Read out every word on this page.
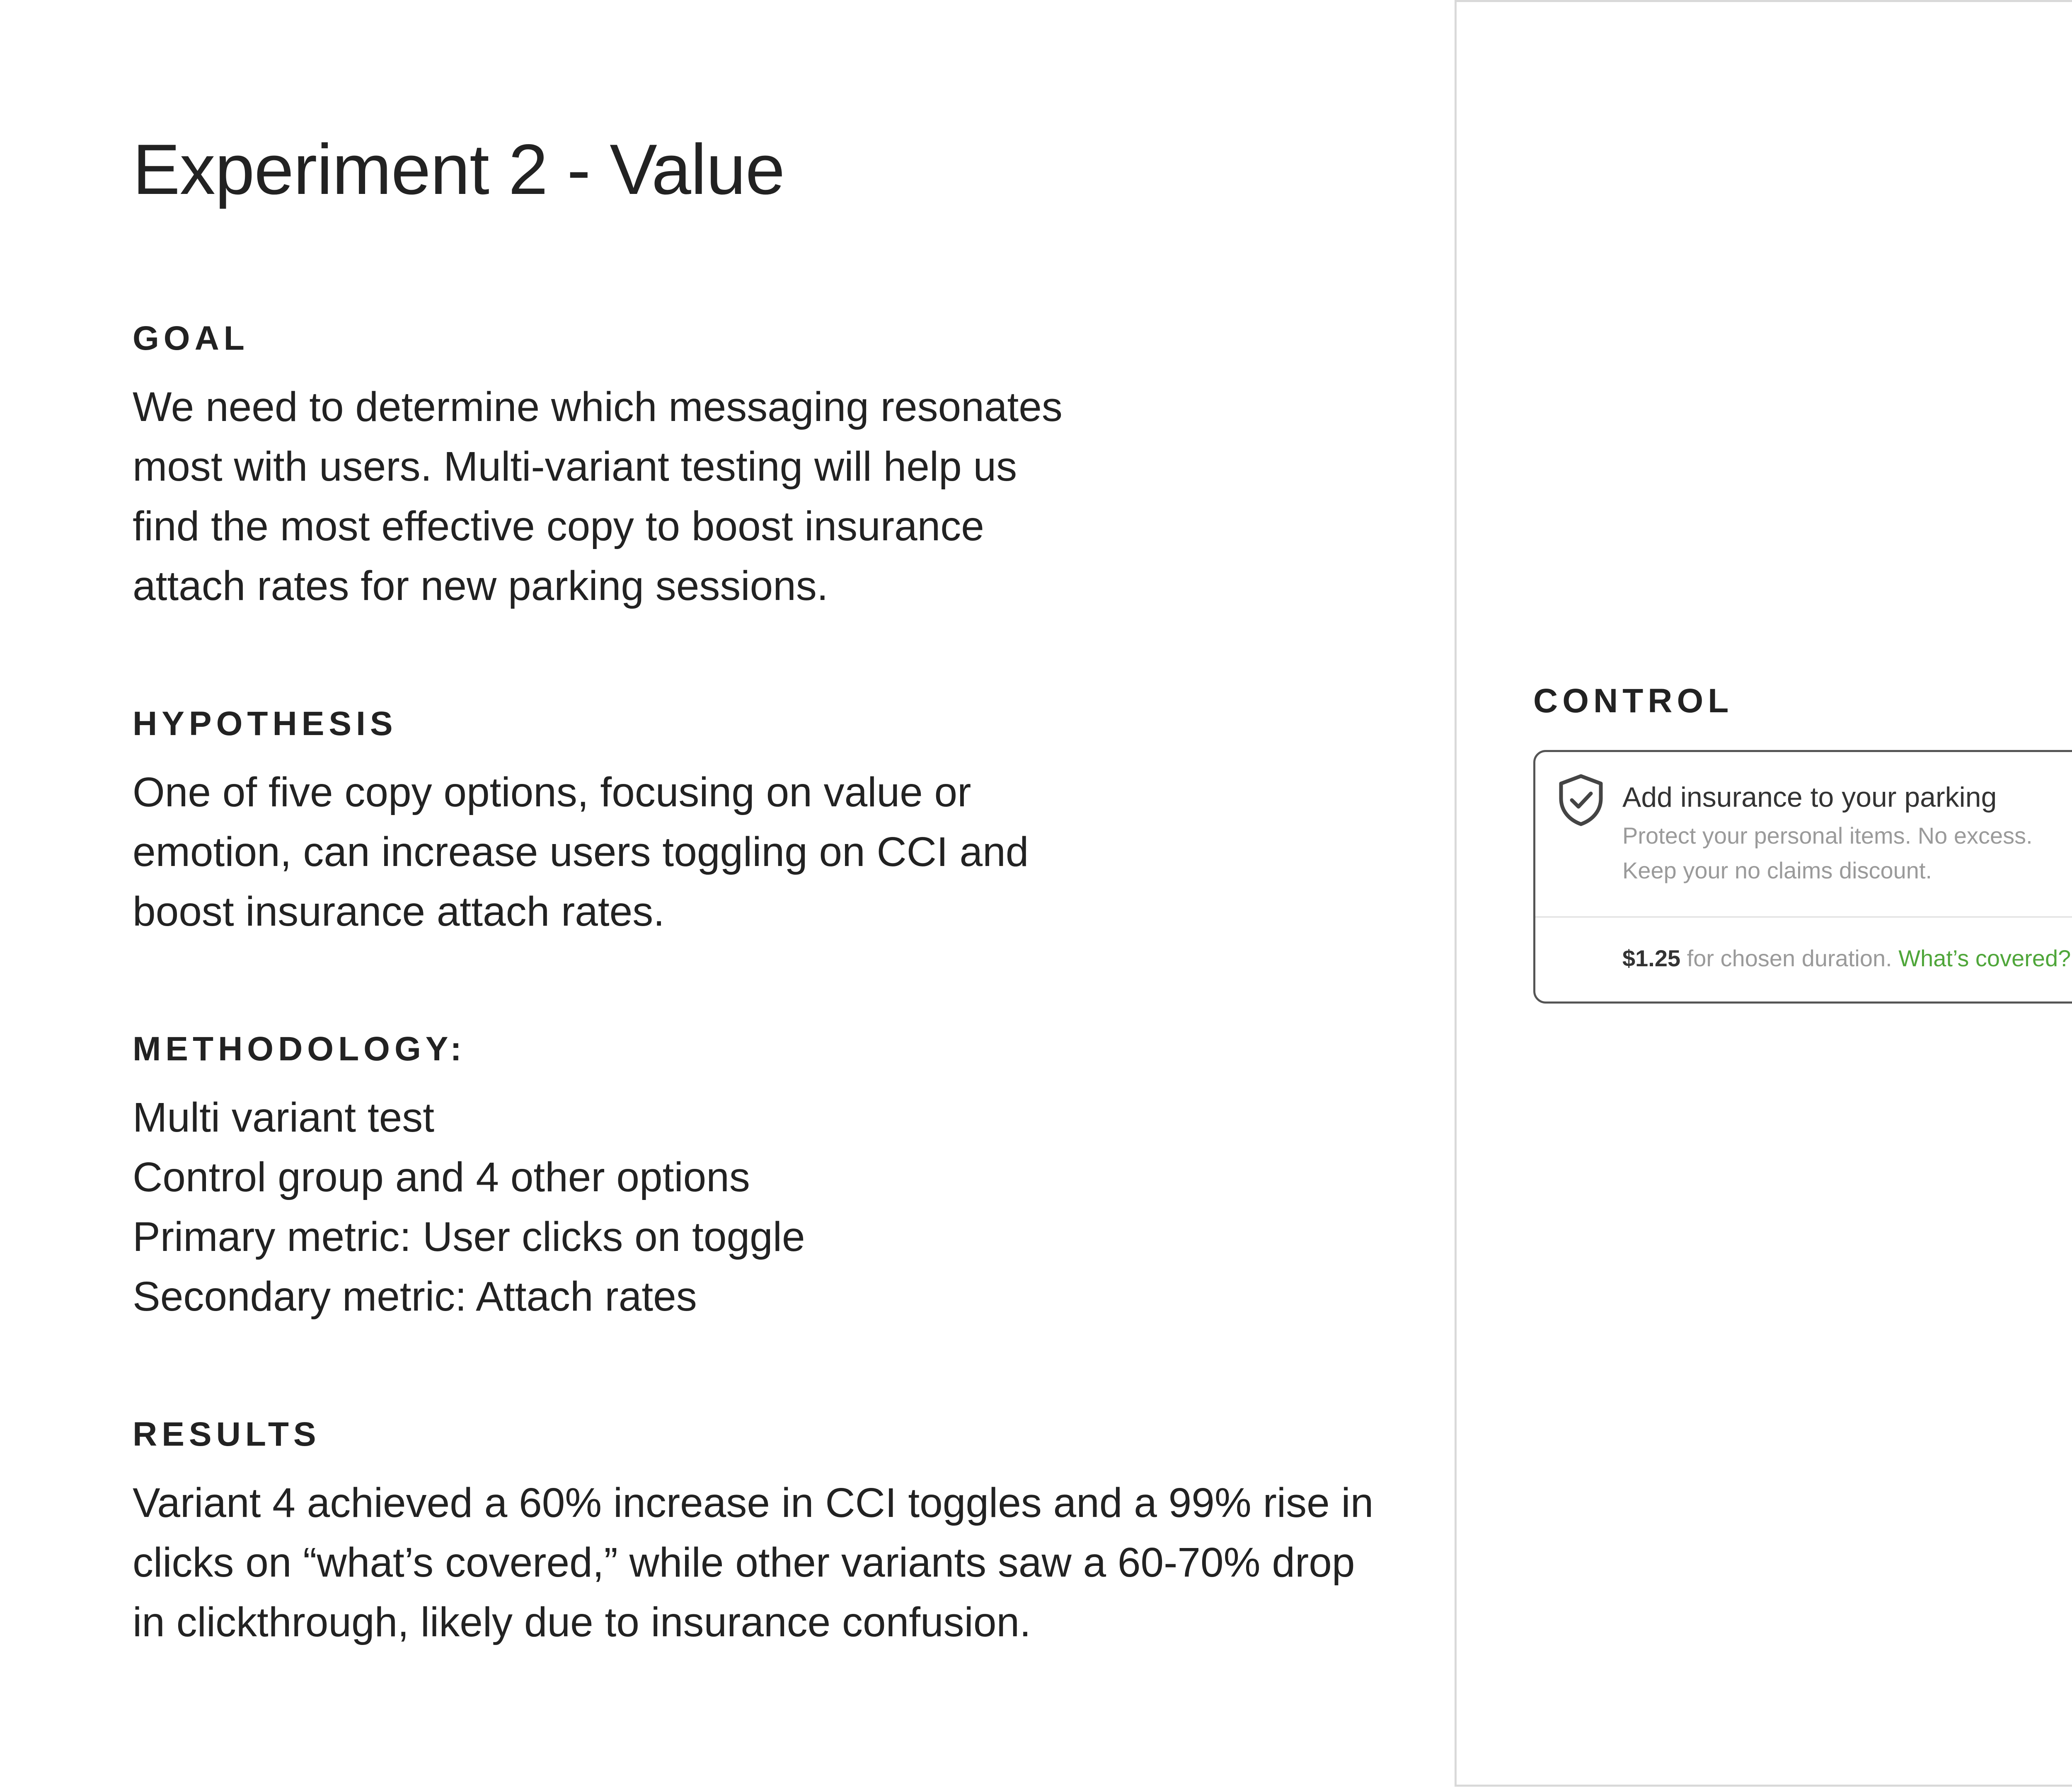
Experiment 2 - Value
GOAL
We need to determine which messaging resonates
most with users. Multi-variant testing will help us
find the most effective copy to boost insurance
attach rates for new parking sessions.
HYPOTHESIS
One of five copy options, focusing on value or
emotion, can increase users toggling on CCI and
boost insurance attach rates.
METHODOLOGY:
Multi variant test
Control group and 4 other options
Primary metric: User clicks on toggle
Secondary metric: Attach rates
RESULTS
Variant 4 achieved a 60% increase in CCI toggles and a 99% rise in
clicks on “what’s covered,” while other variants saw a 60-70% drop
in clickthrough, likely due to insurance confusion.
CONTROL
Add insurance to your parking
Protect your personal items. No excess.
Keep your no claims discount.
$1.25 for chosen duration. What’s covered?
